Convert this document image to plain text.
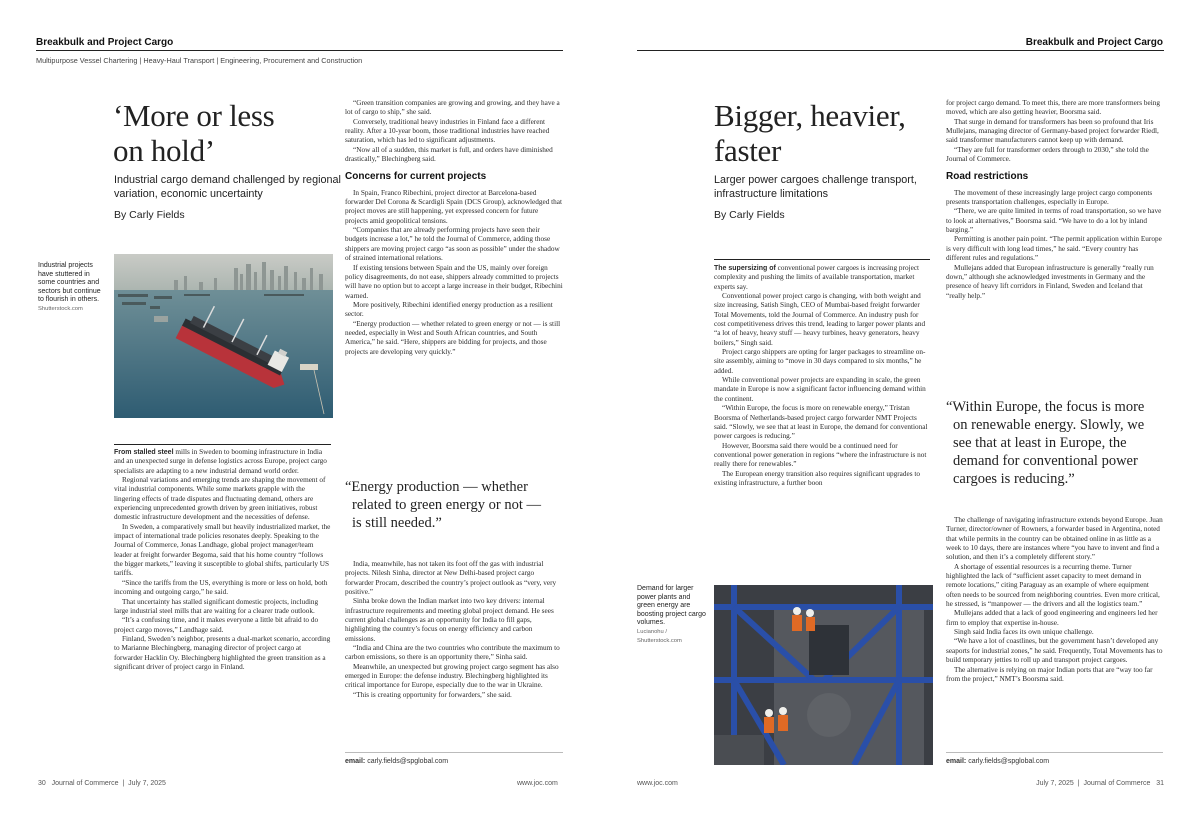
Breakbulk and Project Cargo
Multipurpose Vessel Chartering | Heavy-Haul Transport | Engineering, Procurement and Construction
‘More or less
on hold’
Industrial cargo demand challenged by regional variation, economic uncertainty
By Carly Fields
Industrial projects have stuttered in some countries and sectors but continue to flourish in others.
Shutterstock.com

From stalled steel mills in Sweden to booming infrastructure in India and an unexpected surge in defense logistics across Europe, project cargo specialists are adapting to a new industrial demand world order.

Regional variations and emerging trends are shaping the movement of vital industrial components. While some markets grapple with the lingering effects of trade disputes and fluctuating demand, others are experiencing unprecedented growth driven by green initiatives, robust domestic infrastructure development and the necessities of defense.

In Sweden, a comparatively small but heavily industrialized market, the impact of international trade policies resonates deeply. Speaking to the Journal of Commerce, Jonas Landhage, global project manager/team leader at freight forwarder Begoma, said that his home country “follows the bigger markets,” leaving it susceptible to global shifts, particularly US tariffs.

“Since the tariffs from the US, everything is more or less on hold, both incoming and outgoing cargo,” he said.

That uncertainty has stalled significant domestic projects, including large industrial steel mills that are waiting for a clearer trade outlook.

“It’s a confusing time, and it makes everyone a little bit afraid to do project cargo moves,” Landhage said.

Finland, Sweden’s neighbor, presents a dual-market scenario, according to Marianne Blechingberg, managing director of project cargo at forwarder Hacklin Oy. Blechingberg highlighted the green transition as a significant driver of project cargo in Finland.

“Green transition companies are growing and growing, and they have a lot of cargo to ship,” she said.

Conversely, traditional heavy industries in Finland face a different reality. After a 10-year boom, those traditional industries have reached saturation, which has led to significant adjustments.

“Now all of a sudden, this market is full, and orders have diminished drastically,” Blechingberg said.

Concerns for current projects

In Spain, Franco Ribechini, project director at Barcelona-based forwarder Del Corona & Scardigli Spain (DCS Group), acknowledged that project moves are still happening, yet expressed concern for future projects amid geopolitical tensions.

“Companies that are already performing projects have seen their budgets increase a lot,” he told the Journal of Commerce, adding those shippers are moving project cargo “as soon as possible” under the shadow of strained international relations.

If existing tensions between Spain and the US, mainly over foreign policy disagreements, do not ease, shippers already committed to projects will have no option but to accept a large increase in their budget, Ribechini warned.

More positively, Ribechini identified energy production as a resilient sector.

“Energy production — whether related to green energy or not — is still needed, especially in West and South African countries, and South America,” he said. “Here, shippers are bidding for projects, and those projects are developing very quickly.”

“Energy production — whether
related to green energy or not —
is still needed.”

India, meanwhile, has not taken its foot off the gas with industrial projects. Nilesh Sinha, director at New Delhi-based project cargo forwarder Procam, described the country’s project outlook as “very, very positive.”

Sinha broke down the Indian market into two key drivers: internal infrastructure requirements and meeting global project demand. He sees current global challenges as an opportunity for India to fill gaps, highlighting the country’s focus on energy efficiency and carbon emissions.

“India and China are the two countries who contribute the maximum to carbon emissions, so there is an opportunity there,” Sinha said.

Meanwhile, an unexpected but growing project cargo segment has also emerged in Europe: the defense industry. Blechingberg highlighted its critical importance for Europe, especially due to the war in Ukraine.

“This is creating opportunity for forwarders,” she said.

email: carly.fields@spglobal.com
30 Journal of Commerce | July 7, 2025	www.joc.com
Breakbulk and Project Cargo
Bigger, heavier,
faster
Larger power cargoes challenge transport, infrastructure limitations
By Carly Fields

The supersizing of conventional power cargoes is increasing project complexity and pushing the limits of available transportation, market experts say.

Conventional power project cargo is changing, with both weight and size increasing, Satish Singh, CEO of Mumbai-based freight forwarder Total Movements, told the Journal of Commerce. An industry push for cost competitiveness drives this trend, leading to larger power plants and “a lot of heavy, heavy stuff — heavy turbines, heavy generators, heavy boilers,” Singh said.

Project cargo shippers are opting for larger packages to streamline on-site assembly, aiming to “move in 30 days compared to six months,” he added.

While conventional power projects are expanding in scale, the green mandate in Europe is now a significant factor influencing demand within the continent.

“Within Europe, the focus is more on renewable energy,” Tristan Boorsma of Netherlands-based project cargo forwarder NMT Projects said. “Slowly, we see that at least in Europe, the demand for conventional power cargoes is reducing.”

However, Boorsma said there would be a continued need for conventional power generation in regions “where the infrastructure is not really there for renewables.”

The European energy transition also requires significant upgrades to existing infrastructure, a further boon

Demand for larger power plants and green energy are boosting project cargo volumes.
Lucianohu /
Shutterstock.com

for project cargo demand. To meet this, there are more transformers being moved, which are also getting heavier, Boorsma said.

That surge in demand for transformers has been so profound that Iris Mullejans, managing director of Germany-based project forwarder Riedl, said transformer manufacturers cannot keep up with demand.

“They are full for transformer orders through to 2030,” she told the Journal of Commerce.

Road restrictions

The movement of these increasingly large project cargo components presents transportation challenges, especially in Europe.

“There, we are quite limited in terms of road transportation, so we have to look at alternatives,” Boorsma said. “We have to do a lot by inland barging.”

Permitting is another pain point. “The permit application within Europe is very difficult with long lead times,” he said. “Every country has different rules and regulations.”

Mullejans added that European infrastructure is generally “really run down,” although she acknowledged investments in Germany and the presence of heavy lift corridors in Finland, Sweden and Iceland that “really help.”

“Within Europe, the focus is more
on renewable energy. Slowly, we
see that at least in Europe, the
demand for conventional power
cargoes is reducing.”

The challenge of navigating infrastructure extends beyond Europe. Juan Turner, director/owner of Rowners, a forwarder based in Argentina, noted that while permits in the country can be obtained online in as little as a week to 10 days, there are instances where “you have to invent and find a solution, and then it’s a completely different story.”

A shortage of essential resources is a recurring theme. Turner highlighted the lack of “sufficient asset capacity to meet demand in remote locations,” citing Paraguay as an example of where equipment often needs to be sourced from neighboring countries. Even more critical, he stressed, is “manpower — the drivers and all the logistics team.”

Mullejans added that a lack of good engineering and engineers led her firm to employ that expertise in-house.

Singh said India faces its own unique challenge.

“We have a lot of coastlines, but the government hasn’t developed any seaports for industrial zones,” he said. Frequently, Total Movements has to build temporary jetties to roll up and transport project cargoes.

The alternative is relying on major Indian ports that are “way too far from the project,” NMT’s Boorsma said.

email: carly.fields@spglobal.com
www.joc.com	July 7, 2025 | Journal of Commerce 31
